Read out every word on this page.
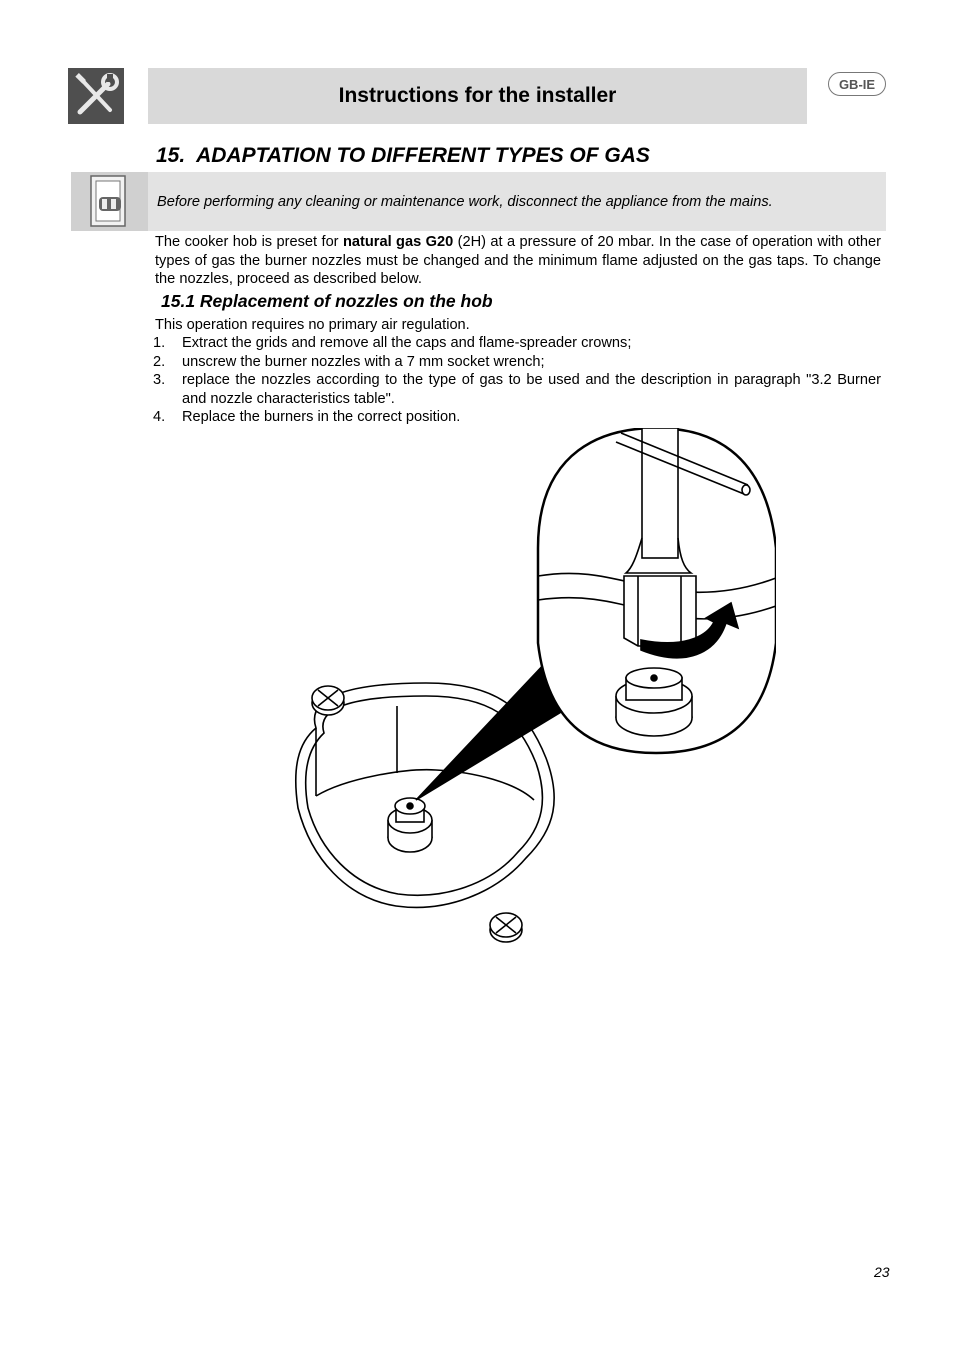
Instructions for the installer	GB-IE
15.  ADAPTATION TO DIFFERENT TYPES OF GAS
Before performing any cleaning or maintenance work, disconnect the appliance from the mains.

The cooker hob is preset for natural gas G20 (2H) at a pressure of 20 mbar. In the case of operation with other types of gas the burner nozzles must be changed and the minimum flame adjusted on the gas taps. To change the nozzles, proceed as described below.

15.1 Replacement of nozzles on the hob

This operation requires no primary air regulation.

1.	Extract the grids and remove all the caps and flame-spreader crowns;
2.	unscrew the burner nozzles with a 7 mm socket wrench;
3.	replace the nozzles according to the type of gas to be used and the description in paragraph "3.2 Burner and nozzle characteristics table".
4.	Replace the burners in the correct position.
23
